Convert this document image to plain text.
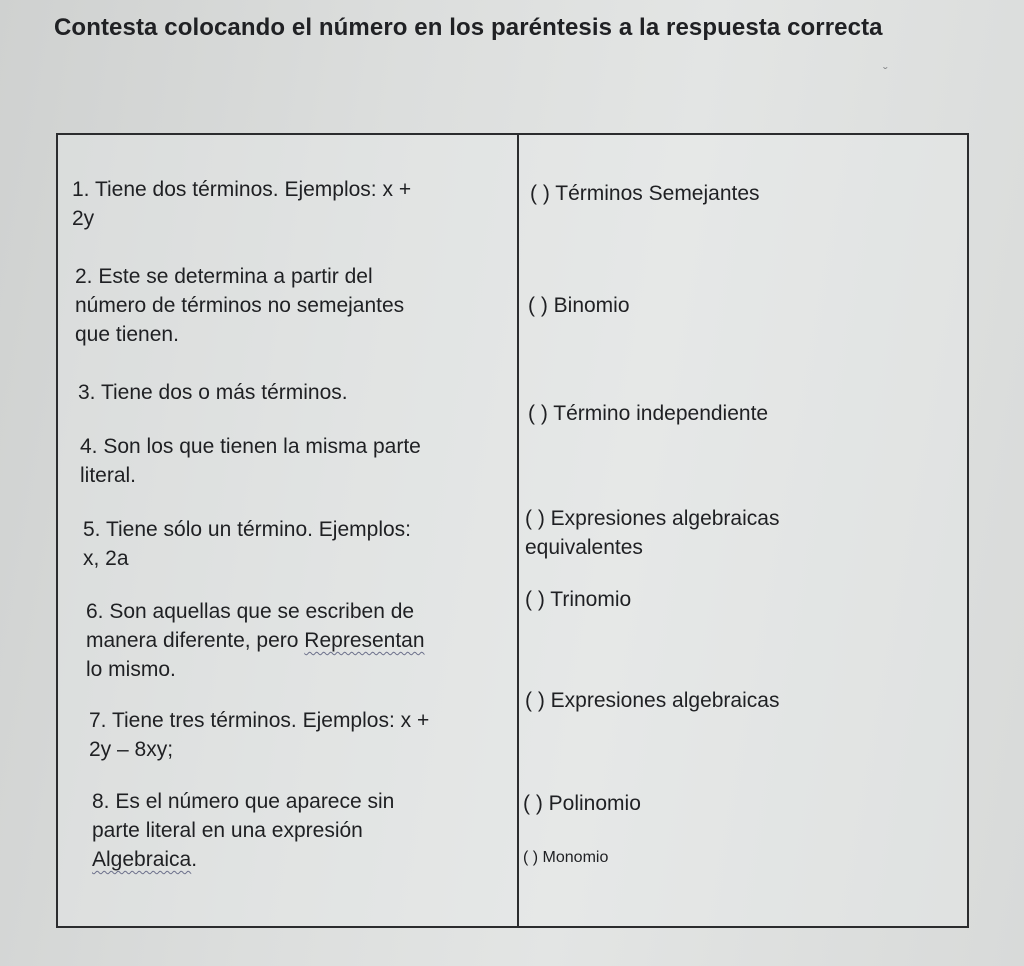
Contesta colocando el número en los paréntesis a la respuesta correcta
ˇ
1. Tiene dos términos. Ejemplos: x +
2y
2. Este se determina a partir del
número de términos no semejantes
que tienen.
3. Tiene dos o más términos.
4. Son los que tienen la misma parte
literal.
5. Tiene sólo un término. Ejemplos:
x, 2a
6. Son aquellas que se escriben de
manera diferente, pero Representan
lo mismo.
7. Tiene tres términos. Ejemplos: x +
2y – 8xy;
8. Es el número que aparece sin
parte literal en una expresión
Algebraica.
( ) Términos Semejantes
( ) Binomio
( ) Término independiente
( ) Expresiones algebraicas
equivalentes
( ) Trinomio
( ) Expresiones algebraicas
( ) Polinomio
( ) Monomio
